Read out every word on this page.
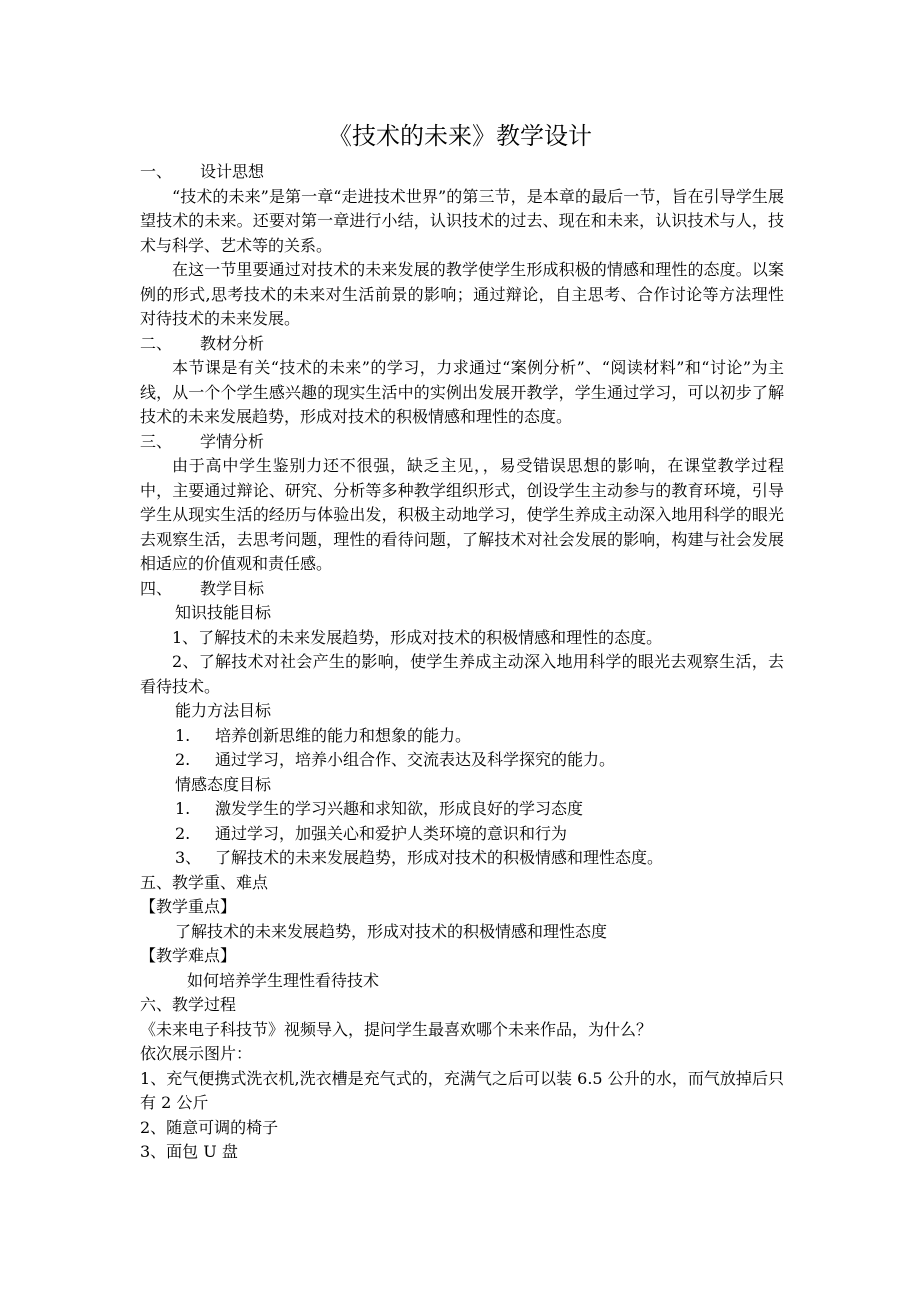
《技术的未来》教学设计
一、	设计思想

“技术的未来”是第一章“走进技术世界”的第三节，是本章的最后一节，旨在引导学生展望技术的未来。还要对第一章进行小结，认识技术的过去、现在和未来，认识技术与人，技术与科学、艺术等的关系。

在这一节里要通过对技术的未来发展的教学使学生形成积极的情感和理性的态度。以案例的形式,思考技术的未来对生活前景的影响；通过辩论，自主思考、合作讨论等方法理性对待技术的未来发展。

二、	教材分析

本节课是有关“技术的未来”的学习，力求通过“案例分析”、“阅读材料”和“讨论”为主线，从一个个学生感兴趣的现实生活中的实例出发展开教学，学生通过学习，可以初步了解技术的未来发展趋势，形成对技术的积极情感和理性的态度。

三、	学情分析

由于高中学生鉴别力还不很强，缺乏主见，，易受错误思想的影响，在课堂教学过程中，主要通过辩论、研究、分析等多种教学组织形式，创设学生主动参与的教育环境，引导学生从现实生活的经历与体验出发，积极主动地学习，使学生养成主动深入地用科学的眼光去观察生活，去思考问题，理性的看待问题，了解技术对社会发展的影响，构建与社会发展相适应的价值观和责任感。

四、	教学目标

知识技能目标

1、了解技术的未来发展趋势，形成对技术的积极情感和理性的态度。

2、了解技术对社会产生的影响，使学生养成主动深入地用科学的眼光去观察生活，去看待技术。

能力方法目标

1.	培养创新思维的能力和想象的能力。
2.	通过学习，培养小组合作、交流表达及科学探究的能力。

情感态度目标

1.	激发学生的学习兴趣和求知欲，形成良好的学习态度
2.	通过学习，加强关心和爱护人类环境的意识和行为
3、 了解技术的未来发展趋势，形成对技术的积极情感和理性态度。

五、教学重、难点

【教学重点】

了解技术的未来发展趋势，形成对技术的积极情感和理性态度

【教学难点】

如何培养学生理性看待技术

六、教学过程

《未来电子科技节》视频导入，提问学生最喜欢哪个未来作品，为什么？

依次展示图片：

1、充气便携式洗衣机,洗衣槽是充气式的，充满气之后可以装 6.5 公升的水，而气放掉后只有 2 公斤

2、随意可调的椅子

3、面包 U 盘
